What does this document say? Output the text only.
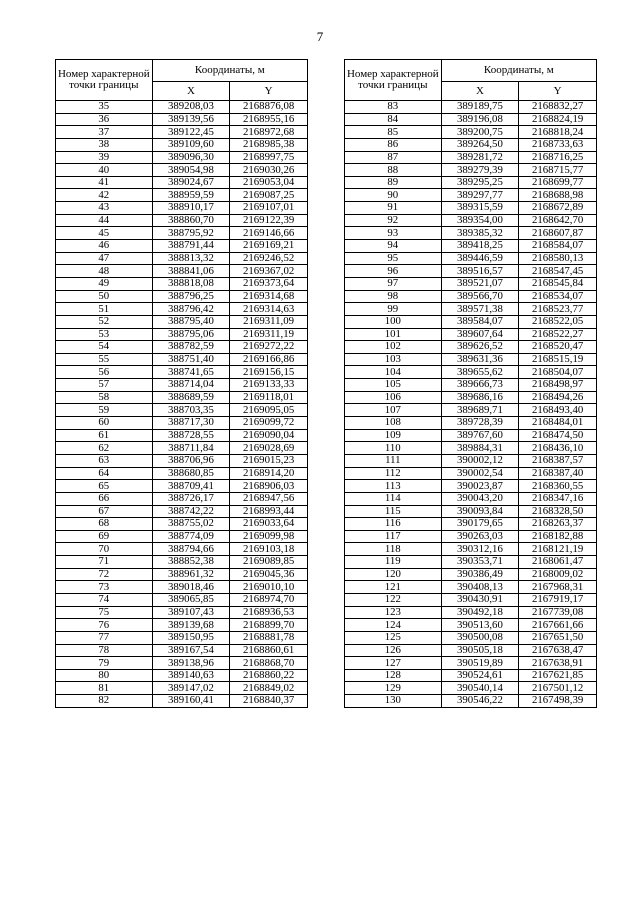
7
Номер характерной точки границы	Координаты, м	
	X	Y
35	389208,03	2168876,08
36	389139,56	2168955,16
37	389122,45	2168972,68
38	389109,60	2168985,38
39	389096,30	2168997,75
40	389054,98	2169030,26
41	389024,67	2169053,04
42	388959,59	2169087,25
43	388910,17	2169107,01
44	388860,70	2169122,39
45	388795,92	2169146,66
46	388791,44	2169169,21
47	388813,32	2169246,52
48	388841,06	2169367,02
49	388818,08	2169373,64
50	388796,25	2169314,68
51	388796,42	2169314,63
52	388795,40	2169311,09
53	388795,06	2169311,19
54	388782,59	2169272,22
55	388751,40	2169166,86
56	388741,65	2169156,15
57	388714,04	2169133,33
58	388689,59	2169118,01
59	388703,35	2169095,05
60	388717,30	2169099,72
61	388728,55	2169090,04
62	388711,84	2169028,69
63	388706,96	2169015,23
64	388680,85	2168914,20
65	388709,41	2168906,03
66	388726,17	2168947,56
67	388742,22	2168993,44
68	388755,02	2169033,64
69	388774,09	2169099,98
70	388794,66	2169103,18
71	388852,38	2169089,85
72	388961,32	2169045,36
73	389018,46	2169010,10
74	389065,85	2168974,70
75	389107,43	2168936,53
76	389139,68	2168899,70
77	389150,95	2168881,78
78	389167,54	2168860,61
79	389138,96	2168868,70
80	389140,63	2168860,22
81	389147,02	2168849,02
82	389160,41	2168840,37
Номер характерной точки границы	Координаты, м	
	X	Y
83	389189,75	2168832,27
84	389196,08	2168824,19
85	389200,75	2168818,24
86	389264,50	2168733,63
87	389281,72	2168716,25
88	389279,39	2168715,77
89	389295,25	2168699,77
90	389297,77	2168688,98
91	389315,59	2168672,89
92	389354,00	2168642,70
93	389385,32	2168607,87
94	389418,25	2168584,07
95	389446,59	2168580,13
96	389516,57	2168547,45
97	389521,07	2168545,84
98	389566,70	2168534,07
99	389571,38	2168523,77
100	389584,07	2168522,05
101	389607,64	2168522,27
102	389626,52	2168520,47
103	389631,36	2168515,19
104	389655,62	2168504,07
105	389666,73	2168498,97
106	389686,16	2168494,26
107	389689,71	2168493,40
108	389728,39	2168484,01
109	389767,60	2168474,50
110	389884,31	2168436,10
111	390002,12	2168387,57
112	390002,54	2168387,40
113	390023,87	2168360,55
114	390043,20	2168347,16
115	390093,84	2168328,50
116	390179,65	2168263,37
117	390263,03	2168182,88
118	390312,16	2168121,19
119	390353,71	2168061,47
120	390386,49	2168009,02
121	390408,13	2167968,31
122	390430,91	2167919,17
123	390492,18	2167739,08
124	390513,60	2167661,66
125	390500,08	2167651,50
126	390505,18	2167638,47
127	390519,89	2167638,91
128	390524,61	2167621,85
129	390540,14	2167501,12
130	390546,22	2167498,39
